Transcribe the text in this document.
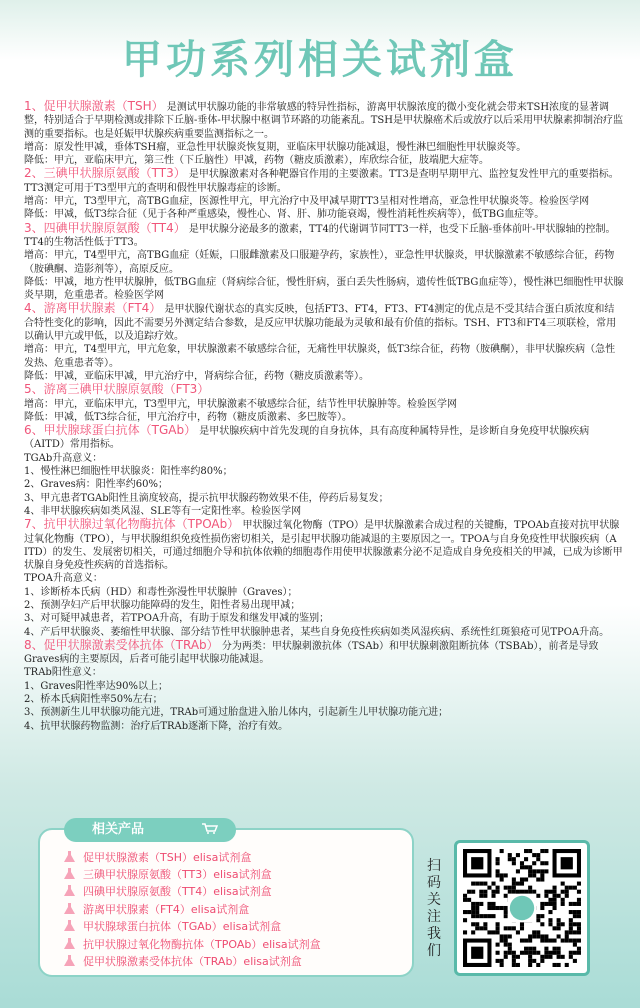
甲功系列相关试剂盒

1、促甲状腺激素（TSH） 是测试甲状腺功能的非常敏感的特异性指标，游离甲状腺浓度的微小变化就会带来TSH浓度的显著调整，特别适合于早期检测或排除下丘脑-垂体-甲状腺中枢调节环路的功能紊乱。TSH是甲状腺癌术后或放疗以后采用甲状腺素抑制治疗监测的重要指标。也是妊娠甲状腺疾病重要监测指标之一。

增高：原发性甲减，垂体TSH瘤，亚急性甲状腺炎恢复期，亚临床甲状腺功能减退，慢性淋巴细胞性甲状腺炎等。

降低：甲亢，亚临床甲亢，第三性（下丘脑性）甲减，药物（糖皮质激素），库欣综合征，肢端肥大症等。

2、三碘甲状腺原氨酸（TT3） 是甲状腺激素对各种靶器官作用的主要激素。TT3是查明早期甲亢、监控复发性甲亢的重要指标。TT3测定可用于T3型甲亢的查明和假性甲状腺毒症的诊断。

增高：甲亢，T3型甲亢，高TBG血症，医源性甲亢，甲亢治疗中及甲减早期TT3呈相对性增高，亚急性甲状腺炎等。检验医学网

降低：甲减，低T3综合征（见于各种严重感染，慢性心、肾、肝、肺功能衰竭，慢性消耗性疾病等），低TBG血症等。

3、四碘甲状腺原氨酸（TT4） 是甲状腺分泌最多的激素，TT4的代谢调节同TT3一样，也受下丘脑-垂体前叶-甲状腺轴的控制。TT4的生物活性低于TT3。

增高：甲亢，T4型甲亢，高TBG血症（妊娠，口服雌激素及口服避孕药，家族性），亚急性甲状腺炎，甲状腺激素不敏感综合征，药物（胺碘酮、造影剂等），高原反应。

降低：甲减，地方性甲状腺肿，低TBG血症（肾病综合征，慢性肝病，蛋白丢失性肠病，遗传性低TBG血症等），慢性淋巴细胞性甲状腺炎早期，危重患者。检验医学网

4、游离甲状腺素（FT4） 是甲状腺代谢状态的真实反映，包括FT3、FT4，FT3、FT4测定的优点是不受其结合蛋白质浓度和结合特性变化的影响，因此不需要另外测定结合参数，是反应甲状腺功能最为灵敏和最有价值的指标。TSH、FT3和FT4三项联检，常用以确认甲亢或甲低，以及追踪疗效。

增高：甲亢，T4型甲亢，甲亢危象，甲状腺激素不敏感综合征，无痛性甲状腺炎，低T3综合征，药物（胺碘酮），非甲状腺疾病（急性发热、危重患者等）。

降低：甲减，亚临床甲减，甲亢治疗中，肾病综合征，药物（糖皮质激素等）。

5、游离三碘甲状腺原氨酸（FT3）

增高：甲亢，亚临床甲亢，T3型甲亢，甲状腺激素不敏感综合征，结节性甲状腺肿等。检验医学网

降低：甲减，低T3综合征，甲亢治疗中，药物（糖皮质激素、多巴胺等）。

6、甲状腺球蛋白抗体（TGAb） 是甲状腺疾病中首先发现的自身抗体，具有高度种属特异性，是诊断自身免疫甲状腺疾病（AITD）常用指标。

TGAb升高意义：

1、慢性淋巴细胞性甲状腺炎：阳性率约80%；

2、Graves病：阳性率约60%；

3、甲亢患者TGAb阳性且滴度较高，提示抗甲状腺药物效果不佳，停药后易复发；

4、非甲状腺疾病如类风湿、SLE等有一定阳性率。检验医学网

7、抗甲状腺过氧化物酶抗体（TPOAb） 甲状腺过氧化物酶（TPO）是甲状腺激素合成过程的关键酶，TPOAb直接对抗甲状腺过氧化物酶（TPO），与甲状腺组织免疫性损伤密切相关，是引起甲状腺功能减退的主要原因之一。TPOA与自身免疫性甲状腺疾病（A ITD）的发生、发展密切相关，可通过细胞介导和抗体依赖的细胞毒作用使甲状腺激素分泌不足造成自身免疫相关的甲减，已成为诊断甲状腺自身免疫性疾病的首选指标。

TPOA升高意义：

1、诊断桥本氏病（HD）和毒性弥漫性甲状腺肿（Graves）；

2、预测孕妇产后甲状腺功能障碍的发生，阳性者易出现甲减；

3、对可疑甲减患者，若TPOA升高，有助于原发和继发甲减的鉴别；

4、产后甲状腺炎、萎缩性甲状腺、部分结节性甲状腺肿患者，某些自身免疫性疾病如类风湿疾病、系统性红斑狼疮可见TPOA升高。

8、促甲状腺激素受体抗体（TRAb） 分为两类：甲状腺刺激抗体（TSAb）和甲状腺刺激阻断抗体（TSBAb），前者是导致Graves病的主要原因，后者可能引起甲状腺功能减退。

TRAb阳性意义：

1、Graves阳性率达90%以上；

2、桥本氏病阳性率50%左右；

3、预测新生儿甲状腺功能亢进，TRAb可通过胎盘进入胎儿体内，引起新生儿甲状腺功能亢进；

4、抗甲状腺药物监测：治疗后TRAb逐渐下降，治疗有效。

相关产品
促甲状腺激素（TSH）elisa试剂盒
三碘甲状腺原氨酸（TT3）elisa试剂盒
四碘甲状腺原氨酸（TT4）elisa试剂盒
游离甲状腺素（FT4）elisa试剂盒
甲状腺球蛋白抗体（TGAb）elisa试剂盒
抗甲状腺过氧化物酶抗体（TPOAb）elisa试剂盒
促甲状腺激素受体抗体（TRAb）elisa试剂盒
扫码关注我们
